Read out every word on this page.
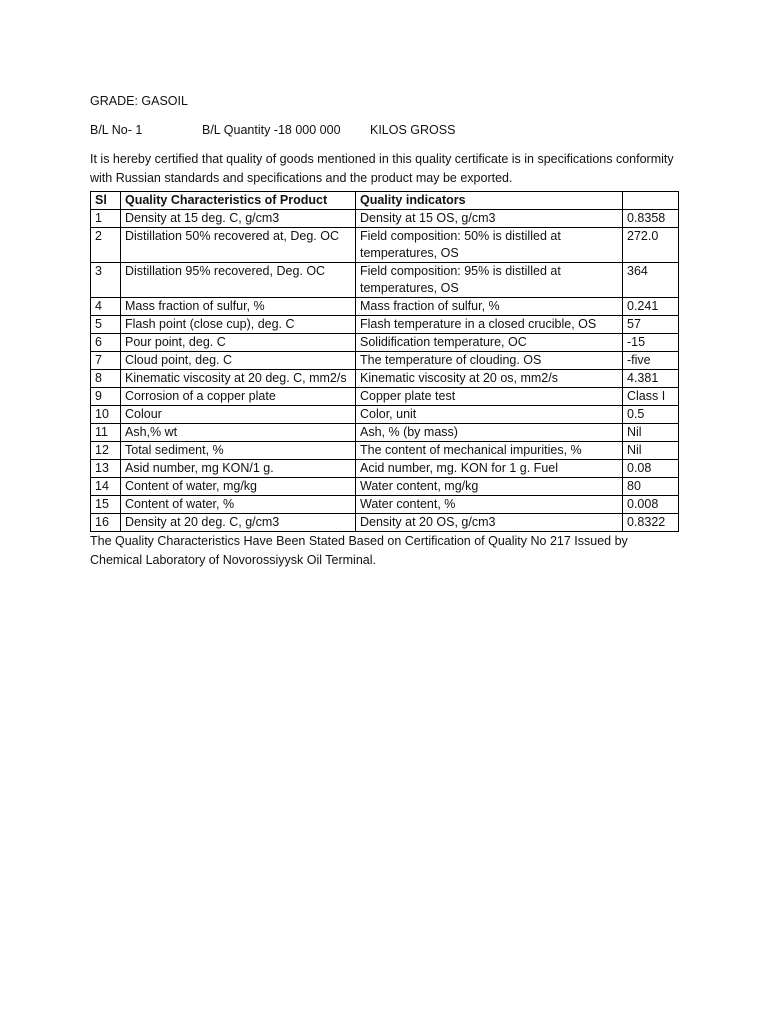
GRADE: GASOIL
B/L No- 1	B/L Quantity -18 000 000 KILOS GROSS
It is hereby certified that quality of goods mentioned in this quality certificate is in specifications conformity with Russian standards and specifications and the product may be exported.
Sl	Quality Characteristics of Product	Quality indicators	
1	Density at 15 deg. C, g/cm3	Density at 15 OS, g/cm3	0.8358
2	Distillation 50% recovered at, Deg. OC	Field composition: 50% is distilled at temperatures, OS	272.0
3	Distillation 95% recovered, Deg. OC	Field composition: 95% is distilled at temperatures, OS	364
4	Mass fraction of sulfur, %	Mass fraction of sulfur, %	0.241
5	Flash point (close cup), deg. C	Flash temperature in a closed crucible, OS	57
6	Pour point, deg. C	Solidification temperature, OC	-15
7	Cloud point, deg. C	The temperature of clouding. OS	-five
8	Kinematic viscosity at 20 deg. C, mm2/s	Kinematic viscosity at 20 os, mm2/s	4.381
9	Corrosion of a copper plate	Copper plate test	Class I
10	Colour	Color, unit	0.5
11	Ash,% wt	Ash, % (by mass)	Nil
12	Total sediment, %	The content of mechanical impurities, %	Nil
13	Asid number, mg KON/1 g.	Acid number, mg. KON for 1 g. Fuel	0.08
14	Content of water, mg/kg	Water content, mg/kg	80
15	Content of water, %	Water content, %	0.008
16	Density at 20 deg. C, g/cm3	Density at 20 OS, g/cm3	0.8322
The Quality Characteristics Have Been Stated Based on Certification of Quality No 217 Issued by Chemical Laboratory of Novorossiyysk Oil Terminal.
